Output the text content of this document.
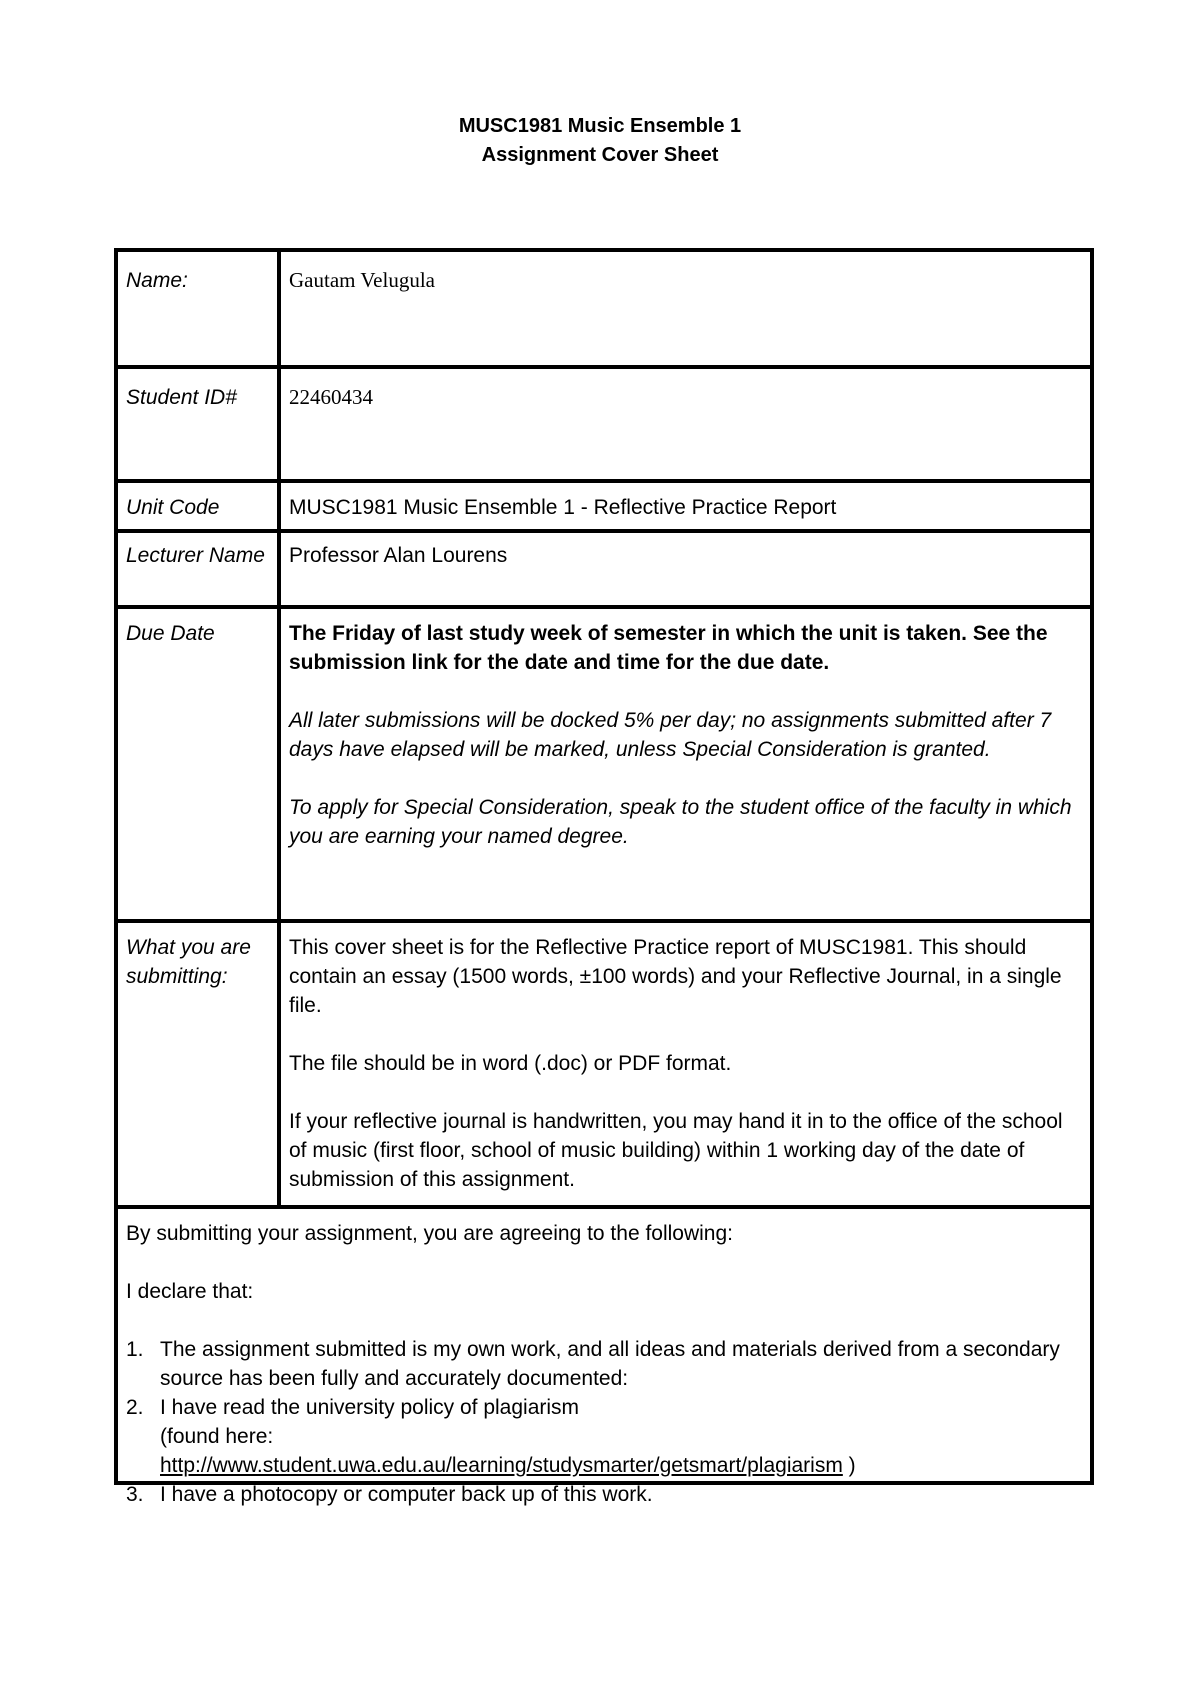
MUSC1981 Music Ensemble 1
Assignment Cover Sheet
Name:	Gautam Velugula
Student ID#	22460434
Unit Code	MUSC1981 Music Ensemble 1 - Reflective Practice Report
Lecturer Name	Professor Alan Lourens
Due Date	The Friday of last study week of semester in which the unit is taken. See the submission link for the date and time for the due date.
All later submissions will be docked 5% per day; no assignments submitted after 7 days have elapsed will be marked, unless Special Consideration is granted.
To apply for Special Consideration, speak to the student office of the faculty in which you are earning your named degree.
What you are submitting:
This cover sheet is for the Reflective Practice report of MUSC1981. This should contain an essay (1500 words, ±100 words) and your Reflective Journal, in a single file.
The file should be in word (.doc) or PDF format.
If your reflective journal is handwritten, you may hand it in to the office of the school of music (first floor, school of music building) within 1 working day of the date of submission of this assignment.
By submitting your assignment, you are agreeing to the following:
I declare that:
1. The assignment submitted is my own work, and all ideas and materials derived from a secondary source has been fully and accurately documented:
2. I have read the university policy of plagiarism
(found here:
http://www.student.uwa.edu.au/learning/studysmarter/getsmart/plagiarism )
3. I have a photocopy or computer back up of this work.
